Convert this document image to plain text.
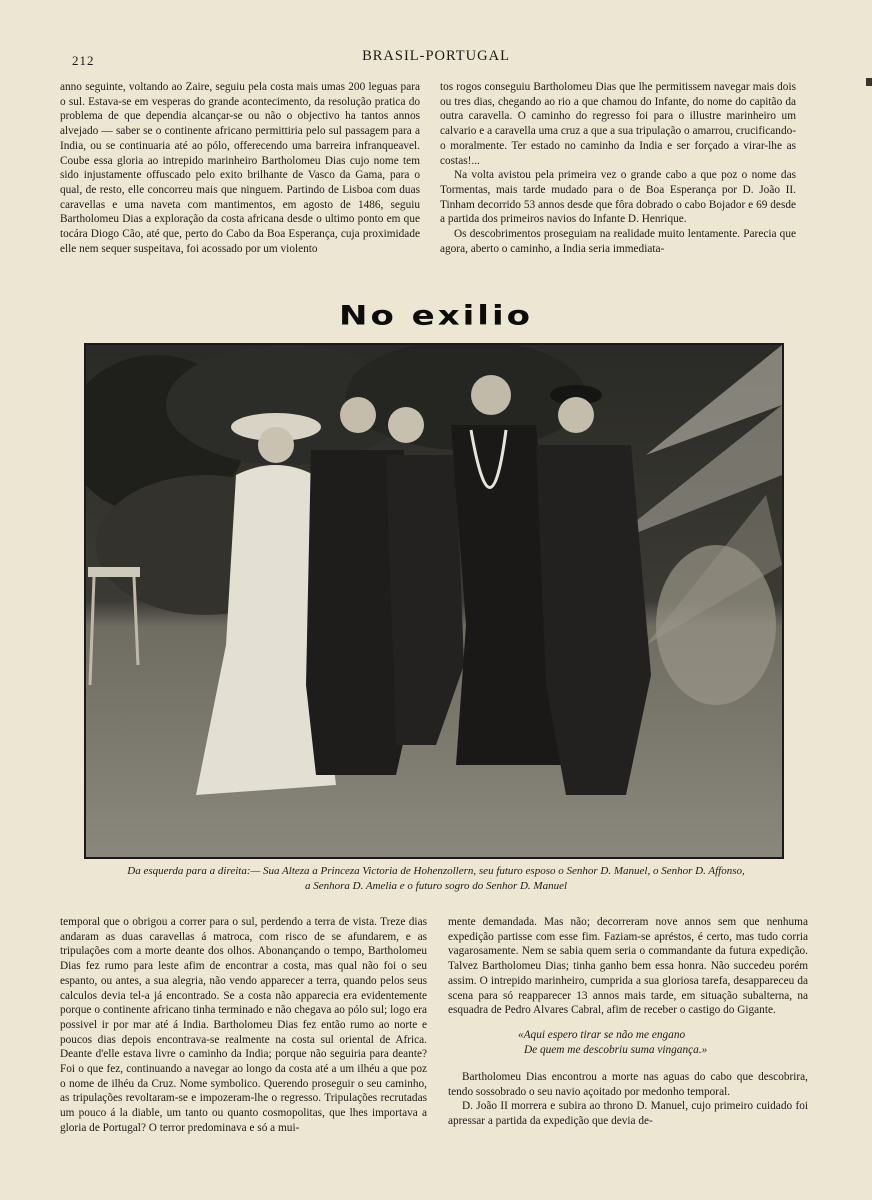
212	BRASIL-PORTUGAL

anno seguinte, voltando ao Zaire, seguiu pela costa mais umas 200 leguas para o sul. Estava-se em vesperas do grande acontecimento, da resolução pratica do problema de que dependia alcançar-se ou não o objectivo ha tantos annos alvejado — saber se o continente africano permittiria pelo sul passagem para a India, ou se continuaria até ao pólo, offerecendo uma barreira infranqueavel. Coube essa gloria ao intrepido marinheiro Bartholomeu Dias cujo nome tem sido injustamente offuscado pelo exito brilhante de Vasco da Gama, para o qual, de resto, elle concorreu mais que ninguem. Partindo de Lisboa com duas caravellas e uma naveta com mantimentos, em agosto de 1486, seguiu Bartholomeu Dias a exploração da costa africana desde o ultimo ponto em que tocára Diogo Cão, até que, perto do Cabo da Boa Esperança, cuja proximidade elle nem sequer suspeitava, foi acossado por um violento

tos rogos conseguiu Bartholomeu Dias que lhe permitissem navegar mais dois ou tres dias, chegando ao rio a que chamou do Infante, do nome do capitão da outra caravella. O caminho do regresso foi para o illustre marinheiro um calvario e a caravella uma cruz a que a sua tripulação o amarrou, crucificando-o moralmente. Ter estado no caminho da India e ser forçado a virar-lhe as costas!...

Na volta avistou pela primeira vez o grande cabo a que poz o nome das Tormentas, mais tarde mudado para o de Boa Esperança por D. João II. Tinham decorrido 53 annos desde que fôra dobrado o cabo Bojador e 69 desde a partida dos primeiros navios do Infante D. Henrique.

Os descobrimentos proseguiam na realidade muito lentamente. Parecia que agora, aberto o caminho, a India seria immediata-

No exilio
Da esquerda para a direita:— Sua Alteza a Princeza Victoria de Hohenzollern, seu futuro esposo o Senhor D. Manuel, o Senhor D. Affonso,
a Senhora D. Amelia e o futuro sogro do Senhor D. Manuel

temporal que o obrigou a correr para o sul, perdendo a terra de vista. Treze dias andaram as duas caravellas á matroca, com risco de se afundarem, e as tripulações com a morte deante dos olhos. Abonançando o tempo, Bartholomeu Dias fez rumo para leste afim de encontrar a costa, mas qual não foi o seu espanto, ou antes, a sua alegria, não vendo apparecer a terra, quando pelos seus calculos devia tel-a já encontrado. Se a costa não apparecia era evidentemente porque o continente africano tinha terminado e não chegava ao pólo sul; logo era possivel ir por mar até á India. Bartholomeu Dias fez então rumo ao norte e poucos dias depois encontrava-se realmente na costa sul oriental de Africa. Deante d'elle estava livre o caminho da India; porque não seguiria para deante? Foi o que fez, continuando a navegar ao longo da costa até a um ilhéu a que poz o nome de ilhéu da Cruz. Nome symbolico. Querendo proseguir o seu caminho, as tripulações revoltaram-se e impozeram-lhe o regresso. Tripulações recrutadas um pouco á la diable, um tanto ou quanto cosmopolitas, que lhes importava a gloria de Portugal? O terror predominava e só a mui-

mente demandada. Mas não; decorreram nove annos sem que nenhuma expedição partisse com esse fim. Faziam-se apréstos, é certo, mas tudo corria vagarosamente. Nem se sabia quem seria o commandante da futura expedição. Talvez Bartholomeu Dias; tinha ganho bem essa honra. Não succedeu porém assim. O intrepido marinheiro, cumprida a sua gloriosa tarefa, desappareceu da scena para só reapparecer 13 annos mais tarde, em situação subalterna, na esquadra de Pedro Alvares Cabral, afim de receber o castigo do Gigante.

«Aqui espero tirar se não me engano
De quem me descobriu suma vingança.»

Bartholomeu Dias encontrou a morte nas aguas do cabo que descobrira, tendo sossobrado o seu navio açoitado por medonho temporal.

D. João II morrera e subira ao throno D. Manuel, cujo primeiro cuidado foi apressar a partida da expedição que devia de-
